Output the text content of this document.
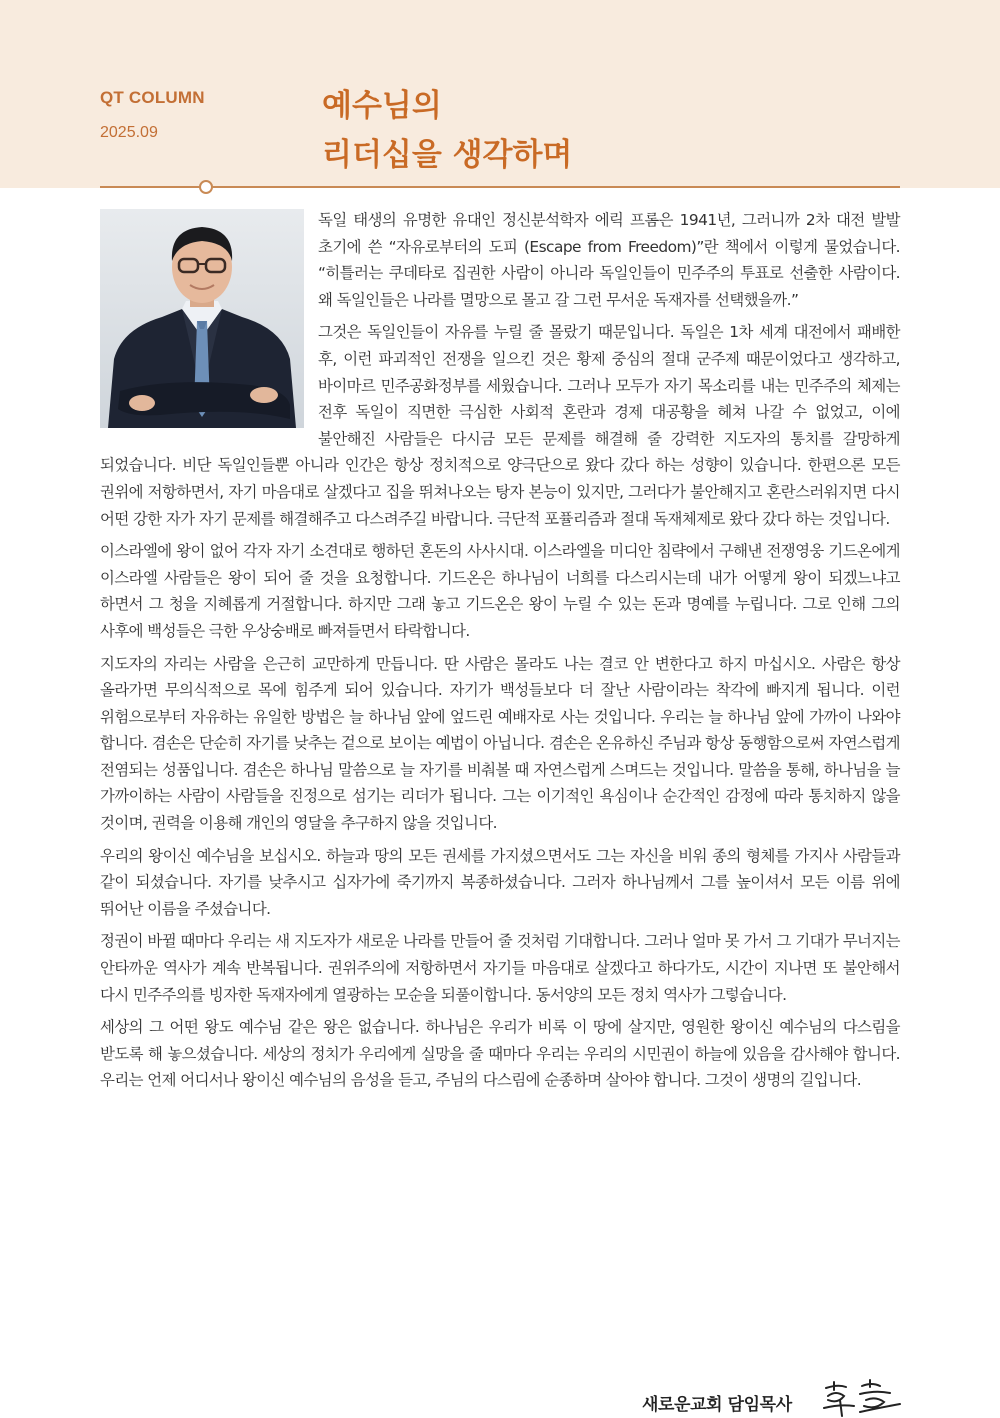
QT COLUMN
2025.09
예수님의
리더십을 생각하며

독일 태생의 유명한 유대인 정신분석학자 에릭 프롬은 1941년, 그러니까 2차 대전 발발 초기에 쓴 “자유로부터의 도피 (Escape from Freedom)”란 책에서 이렇게 물었습니다. “히틀러는 쿠데타로 집권한 사람이 아니라 독일인들이 민주주의 투표로 선출한 사람이다. 왜 독일인들은 나라를 멸망으로 몰고 갈 그런 무서운 독재자를 선택했을까.”

그것은 독일인들이 자유를 누릴 줄 몰랐기 때문입니다. 독일은 1차 세계 대전에서 패배한 후, 이런 파괴적인 전쟁을 일으킨 것은 황제 중심의 절대 군주제 때문이었다고 생각하고, 바이마르 민주공화정부를 세웠습니다. 그러나 모두가 자기 목소리를 내는 민주주의 체제는 전후 독일이 직면한 극심한 사회적 혼란과 경제 대공황을 헤쳐 나갈 수 없었고, 이에 불안해진 사람들은 다시금 모든 문제를 해결해 줄 강력한 지도자의 통치를 갈망하게 되었습니다. 비단 독일인들뿐 아니라 인간은 항상 정치적으로 양극단으로 왔다 갔다 하는 성향이 있습니다. 한편으론 모든 권위에 저항하면서, 자기 마음대로 살겠다고 집을 뛰쳐나오는 탕자 본능이 있지만, 그러다가 불안해지고 혼란스러워지면 다시 어떤 강한 자가 자기 문제를 해결해주고 다스려주길 바랍니다. 극단적 포퓰리즘과 절대 독재체제로 왔다 갔다 하는 것입니다.

이스라엘에 왕이 없어 각자 자기 소견대로 행하던 혼돈의 사사시대. 이스라엘을 미디안 침략에서 구해낸 전쟁영웅 기드온에게 이스라엘 사람들은 왕이 되어 줄 것을 요청합니다. 기드온은 하나님이 너희를 다스리시는데 내가 어떻게 왕이 되겠느냐고 하면서 그 청을 지혜롭게 거절합니다. 하지만 그래 놓고 기드온은 왕이 누릴 수 있는 돈과 명예를 누립니다. 그로 인해 그의 사후에 백성들은 극한 우상숭배로 빠져들면서 타락합니다.

지도자의 자리는 사람을 은근히 교만하게 만듭니다. 딴 사람은 몰라도 나는 결코 안 변한다고 하지 마십시오. 사람은 항상 올라가면 무의식적으로 목에 힘주게 되어 있습니다. 자기가 백성들보다 더 잘난 사람이라는 착각에 빠지게 됩니다. 이런 위험으로부터 자유하는 유일한 방법은 늘 하나님 앞에 엎드린 예배자로 사는 것입니다. 우리는 늘 하나님 앞에 가까이 나와야 합니다. 겸손은 단순히 자기를 낮추는 겉으로 보이는 예법이 아닙니다. 겸손은 온유하신 주님과 항상 동행함으로써 자연스럽게 전염되는 성품입니다. 겸손은 하나님 말씀으로 늘 자기를 비춰볼 때 자연스럽게 스며드는 것입니다. 말씀을 통해, 하나님을 늘 가까이하는 사람이 사람들을 진정으로 섬기는 리더가 됩니다. 그는 이기적인 욕심이나 순간적인 감정에 따라 통치하지 않을 것이며, 권력을 이용해 개인의 영달을 추구하지 않을 것입니다.

우리의 왕이신 예수님을 보십시오. 하늘과 땅의 모든 권세를 가지셨으면서도 그는 자신을 비워 종의 형체를 가지사 사람들과 같이 되셨습니다. 자기를 낮추시고 십자가에 죽기까지 복종하셨습니다. 그러자 하나님께서 그를 높이셔서 모든 이름 위에 뛰어난 이름을 주셨습니다.

정권이 바뀔 때마다 우리는 새 지도자가 새로운 나라를 만들어 줄 것처럼 기대합니다. 그러나 얼마 못 가서 그 기대가 무너지는 안타까운 역사가 계속 반복됩니다. 권위주의에 저항하면서 자기들 마음대로 살겠다고 하다가도, 시간이 지나면 또 불안해서 다시 민주주의를 빙자한 독재자에게 열광하는 모순을 되풀이합니다. 동서양의 모든 정치 역사가 그렇습니다.

세상의 그 어떤 왕도 예수님 같은 왕은 없습니다. 하나님은 우리가 비록 이 땅에 살지만, 영원한 왕이신 예수님의 다스림을 받도록 해 놓으셨습니다. 세상의 정치가 우리에게 실망을 줄 때마다 우리는 우리의 시민권이 하늘에 있음을 감사해야 합니다. 우리는 언제 어디서나 왕이신 예수님의 음성을 듣고, 주님의 다스림에 순종하며 살아야 합니다. 그것이 생명의 길입니다.

새로운교회 담임목사
